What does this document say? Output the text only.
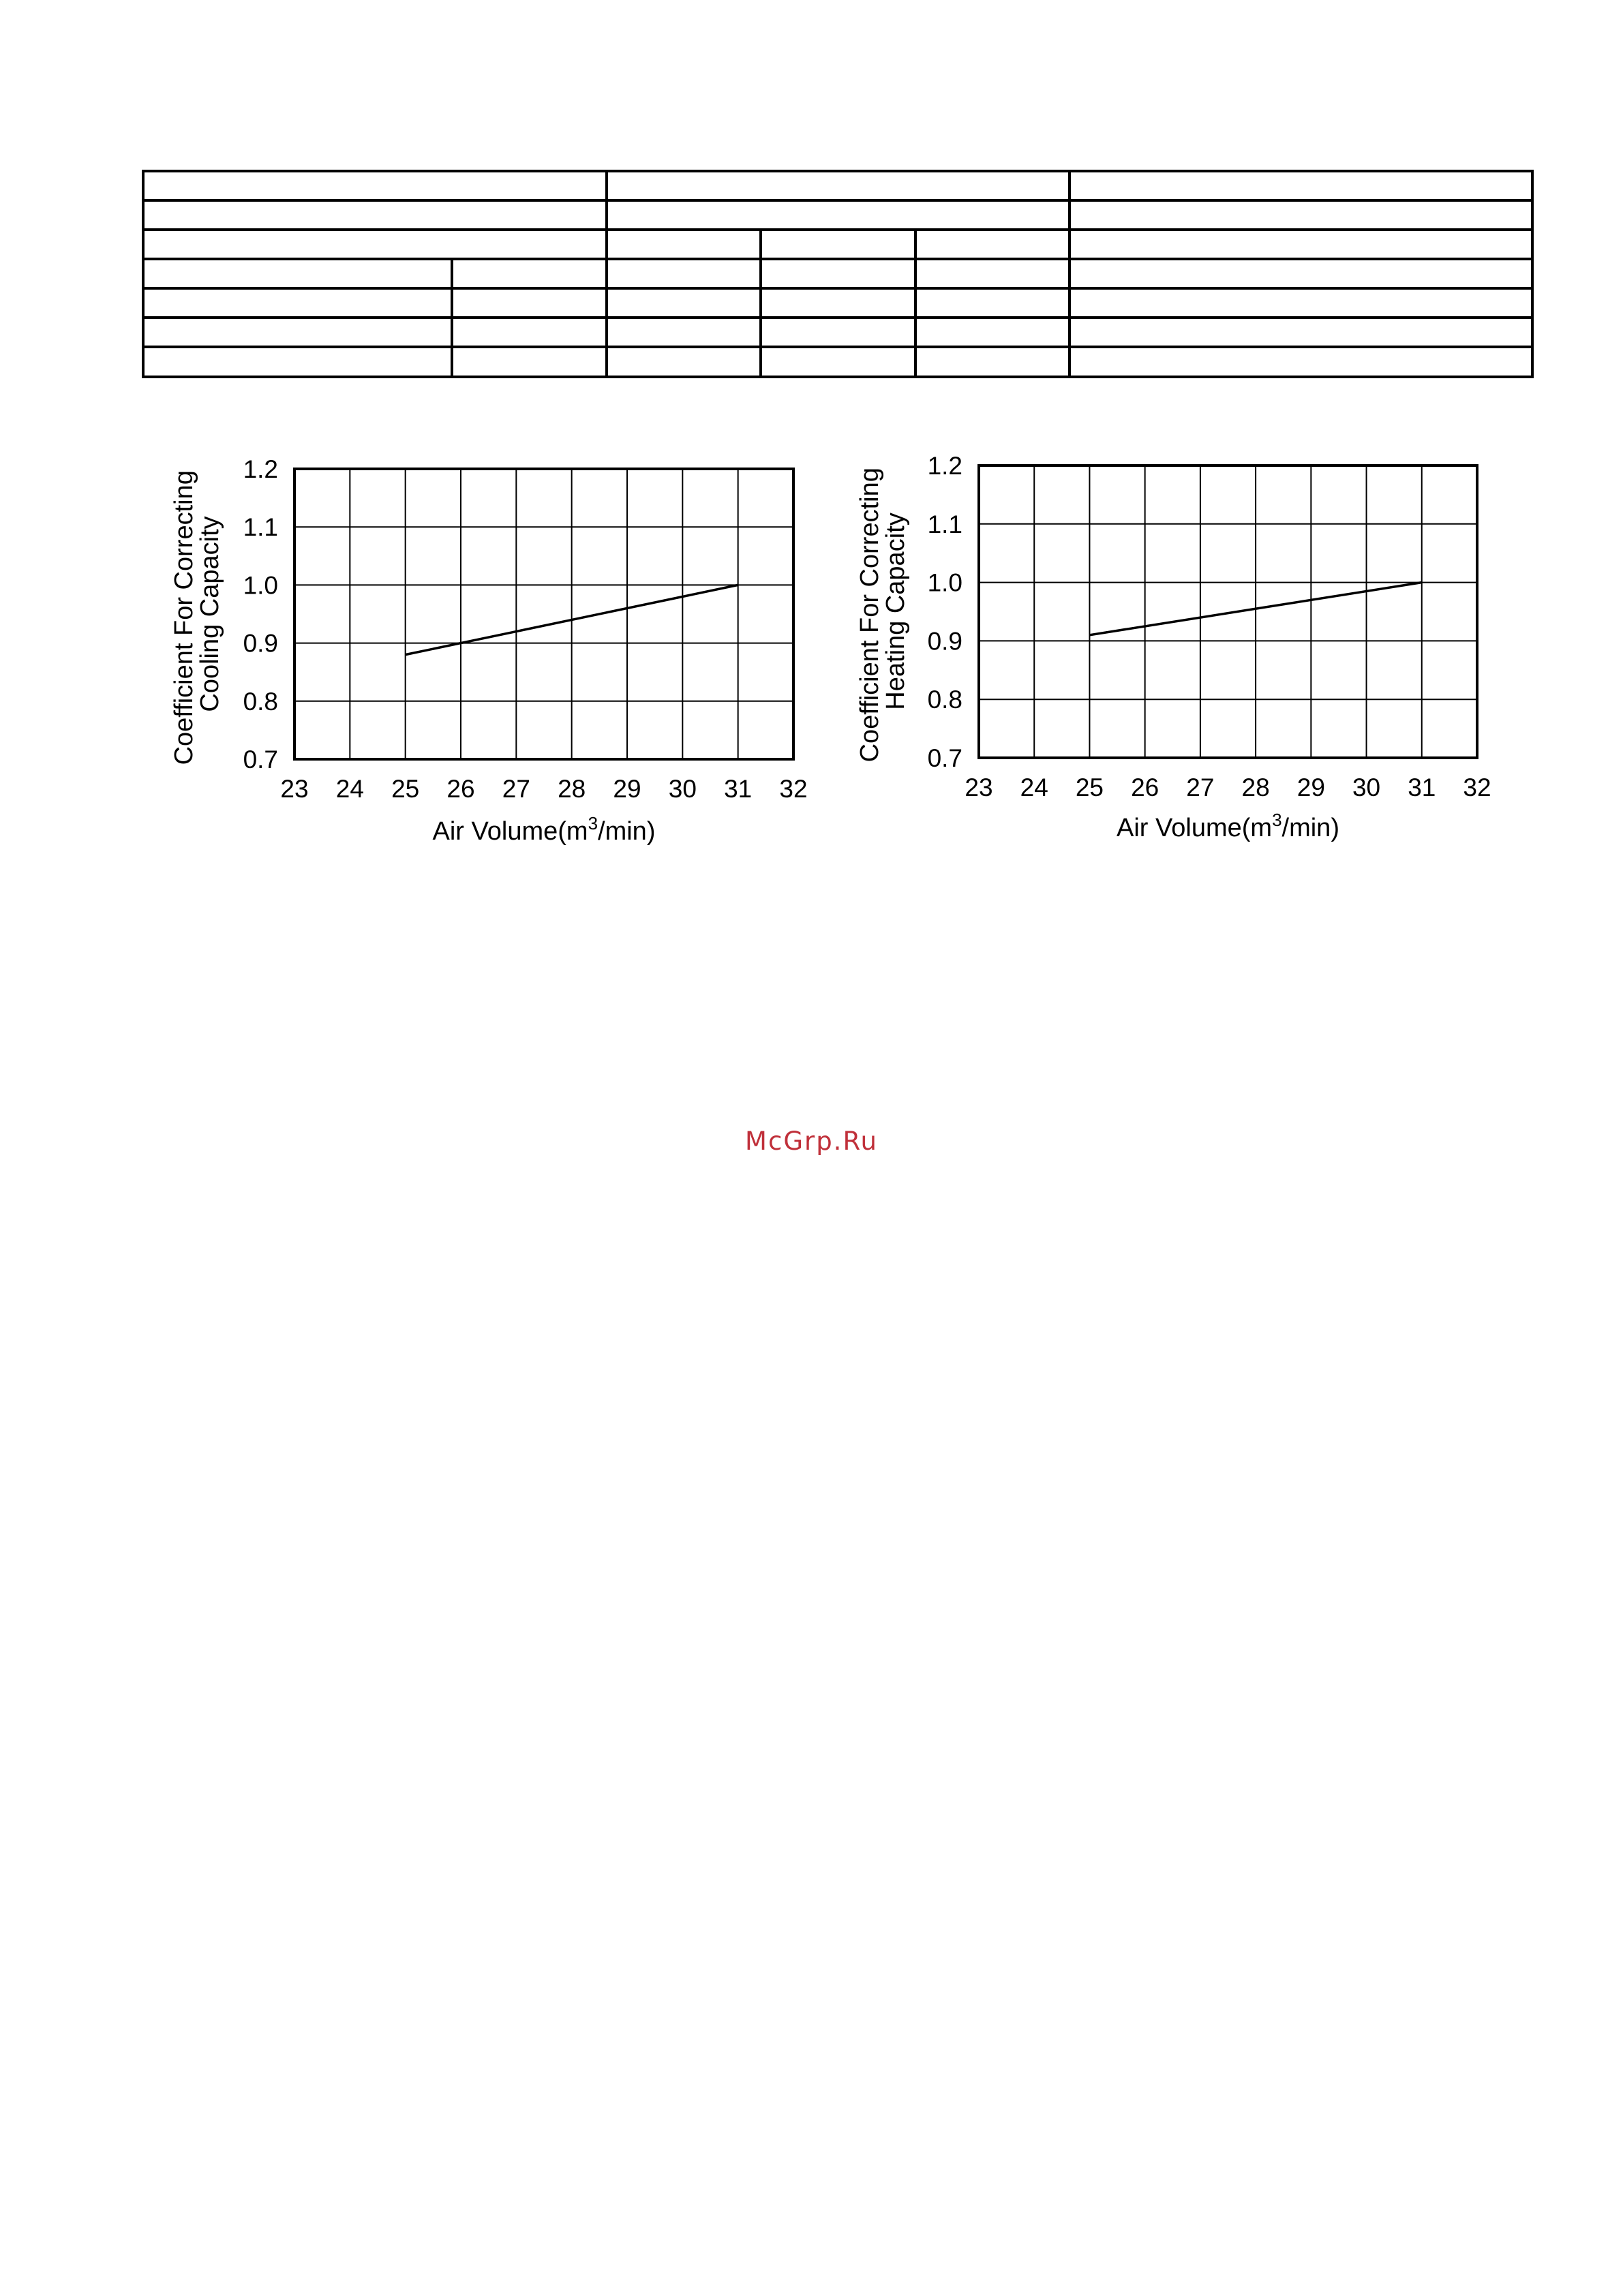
23 24 25 26 27 28 29 30 31 32
0.7
0.8
0.9
1.0
1.1
1.2
Air $Volume(m^3/\min)$
Coefficient For Correcting Cooling Capacity
23 24 25 26 27 28 29 30 31 32
0.7
0.8
0.9
1.0
1.1
1.2
Air $Volume(m^3/\min)$
Coefficient For Correcting Heating Capacity
McGrp.Ru
